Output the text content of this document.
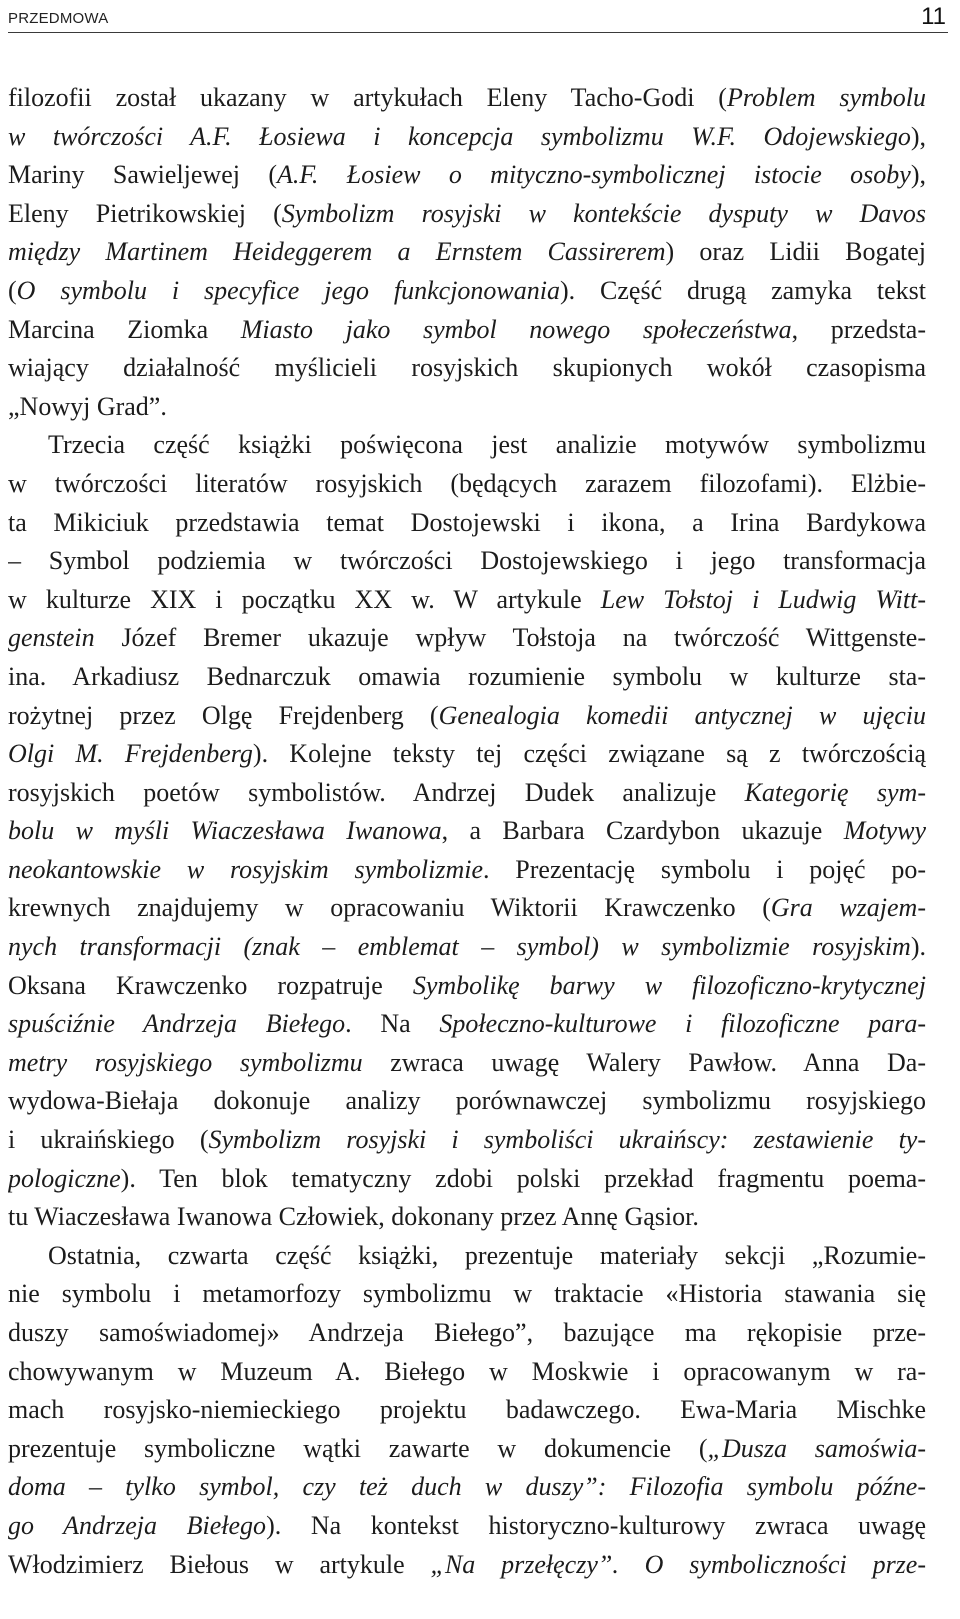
PRZEDMOWA	11
filozofii został ukazany w artykułach Eleny Tacho-Godi (Problem symbolu
w twórczości A.F. Łosiewa i koncepcja symbolizmu W.F. Odojewskiego),
Mariny Sawieljewej (A.F. Łosiew o mityczno-symbolicznej istocie osoby),
Eleny Pietrikowskiej (Symbolizm rosyjski w kontekście dysputy w Davos
między Martinem Heideggerem a Ernstem Cassirerem) oraz Lidii Bogatej
(O symbolu i specyfice jego funkcjonowania). Część drugą zamyka tekst
Marcina Ziomka Miasto jako symbol nowego społeczeństwa, przedsta-
wiający działalność myślicieli rosyjskich skupionych wokół czasopisma
„Nowyj Grad”.
Trzecia część książki poświęcona jest analizie motywów symbolizmu
w twórczości literatów rosyjskich (będących zarazem filozofami). Elżbie-
ta Mikiciuk przedstawia temat Dostojewski i ikona, a Irina Bardykowa
– Symbol podziemia w twórczości Dostojewskiego i jego transformacja
w kulturze XIX i początku XX w. W artykule Lew Tołstoj i Ludwig Witt-
genstein Józef Bremer ukazuje wpływ Tołstoja na twórczość Wittgenste-
ina. Arkadiusz Bednarczuk omawia rozumienie symbolu w kulturze sta-
rożytnej przez Olgę Frejdenberg (Genealogia komedii antycznej w ujęciu
Olgi M. Frejdenberg). Kolejne teksty tej części związane są z twórczością
rosyjskich poetów symbolistów. Andrzej Dudek analizuje Kategorię sym-
bolu w myśli Wiaczesława Iwanowa, a Barbara Czardybon ukazuje Motywy
neokantowskie w rosyjskim symbolizmie. Prezentację symbolu i pojęć po-
krewnych znajdujemy w opracowaniu Wiktorii Krawczenko (Gra wzajem-
nych transformacji (znak – emblemat – symbol) w symbolizmie rosyjskim).
Oksana Krawczenko rozpatruje Symbolikę barwy w filozoficzno-krytycznej
spuściźnie Andrzeja Biełego. Na Społeczno-kulturowe i filozoficzne para-
metry rosyjskiego symbolizmu zwraca uwagę Walery Pawłow. Anna Da-
wydowa-Biełaja dokonuje analizy porównawczej symbolizmu rosyjskiego
i ukraińskiego (Symbolizm rosyjski i symboliści ukraińscy: zestawienie ty-
pologiczne). Ten blok tematyczny zdobi polski przekład fragmentu poema-
tu Wiaczesława Iwanowa Człowiek, dokonany przez Annę Gąsior.
Ostatnia, czwarta część książki, prezentuje materiały sekcji „Rozumie-
nie symbolu i metamorfozy symbolizmu w traktacie «Historia stawania się
duszy samoświadomej» Andrzeja Biełego”, bazujące ma rękopisie prze-
chowywanym w Muzeum A. Biełego w Moskwie i opracowanym w ra-
mach rosyjsko-niemieckiego projektu badawczego. Ewa-Maria Mischke
prezentuje symboliczne wątki zawarte w dokumencie („Dusza samoświa-
doma – tylko symbol, czy też duch w duszy”: Filozofia symbolu późne-
go Andrzeja Biełego). Na kontekst historyczno-kulturowy zwraca uwagę
Włodzimierz Biełous w artykule „Na przełęczy”. O symboliczności prze-
